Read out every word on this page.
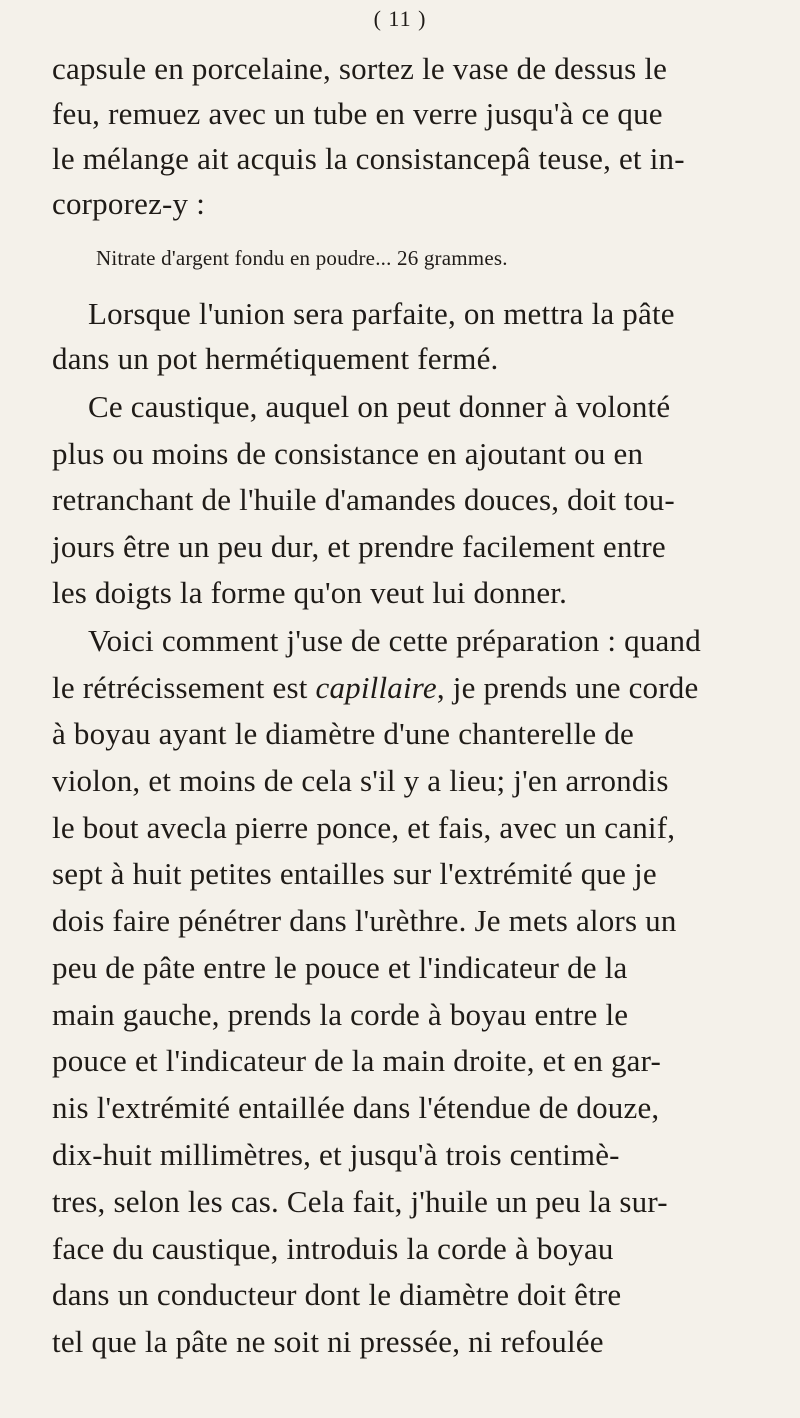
( 11 )
capsule en porcelaine, sortez le vase de dessus le
feu, remuez avec un tube en verre jusqu'à ce que
le mélange ait acquis la consistancepâ teuse, et in-
corporez-y :
Nitrate d'argent fondu en poudre... 26 grammes.
Lorsque l'union sera parfaite, on mettra la pâte
dans un pot hermétiquement fermé.
Ce caustique, auquel on peut donner à volonté
plus ou moins de consistance en ajoutant ou en
retranchant de l'huile d'amandes douces, doit tou-
jours être un peu dur, et prendre facilement entre
les doigts la forme qu'on veut lui donner.
Voici comment j'use de cette préparation : quand
le rétrécissement est capillaire, je prends une corde
à boyau ayant le diamètre d'une chanterelle de
violon, et moins de cela s'il y a lieu; j'en arrondis
le bout avecla pierre ponce, et fais, avec un canif,
sept à huit petites entailles sur l'extrémité que je
dois faire pénétrer dans l'urèthre. Je mets alors un
peu de pâte entre le pouce et l'indicateur de la
main gauche, prends la corde à boyau entre le
pouce et l'indicateur de la main droite, et en gar-
nis l'extrémité entaillée dans l'étendue de douze,
dix-huit millimètres, et jusqu'à trois centimè-
tres, selon les cas. Cela fait, j'huile un peu la sur-
face du caustique, introduis la corde à boyau
dans un conducteur dont le diamètre doit être
tel que la pâte ne soit ni pressée, ni refoulée
